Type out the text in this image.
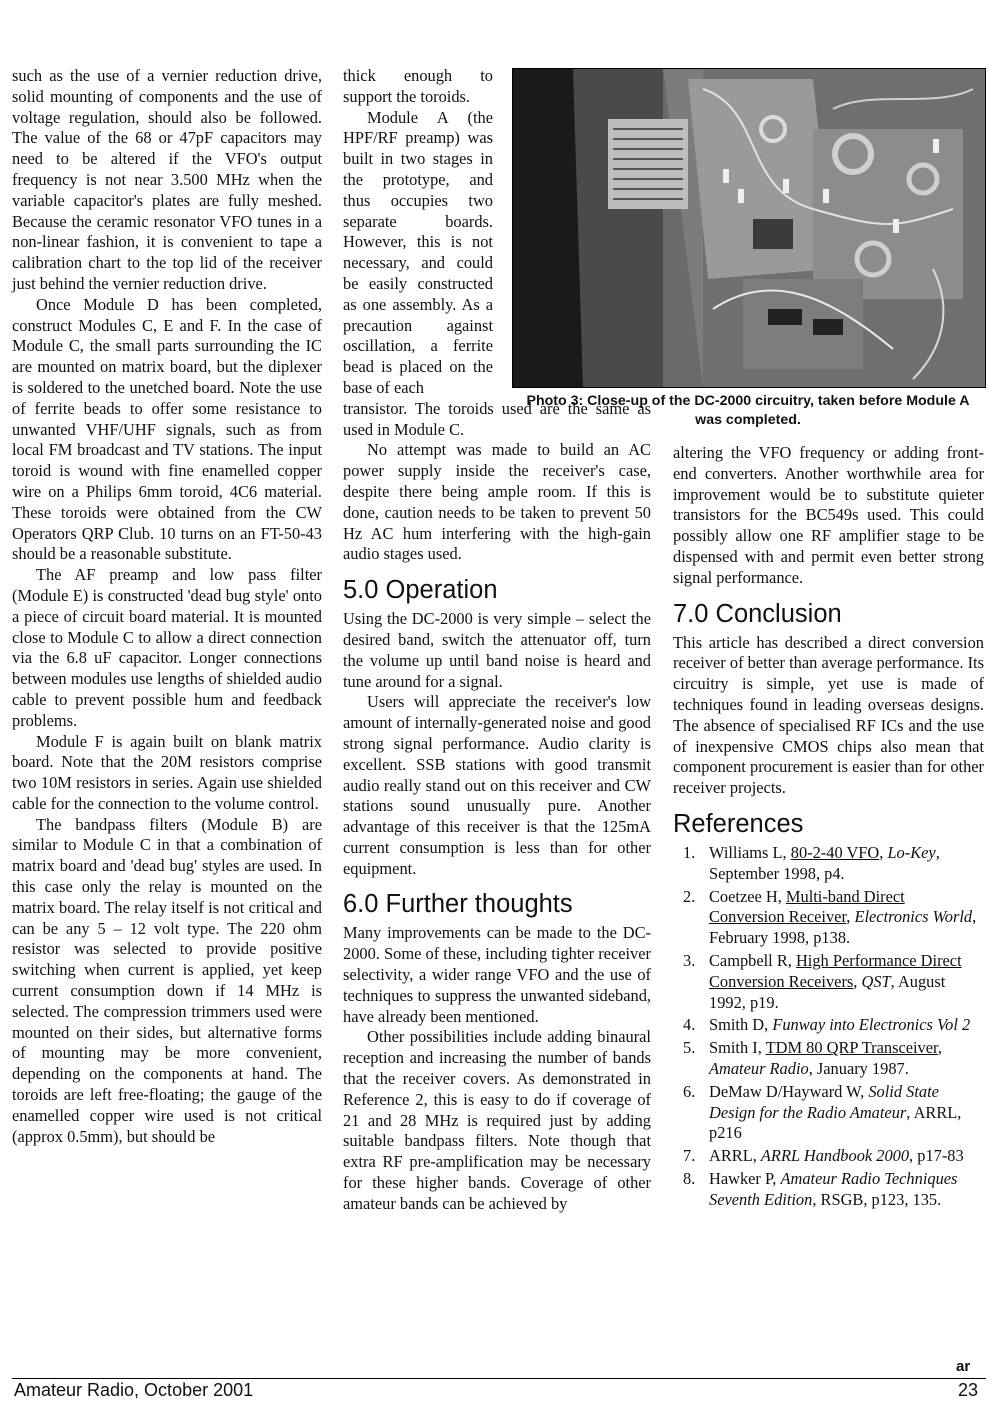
such as the use of a vernier reduction drive, solid mounting of components and the use of voltage regulation, should also be followed. The value of the 68 or 47pF capacitors may need to be altered if the VFO's output frequency is not near 3.500 MHz when the variable capacitor's plates are fully meshed. Because the ceramic resonator VFO tunes in a non-linear fashion, it is convenient to tape a calibration chart to the top lid of the receiver just behind the vernier reduction drive.

Once Module D has been completed, construct Modules C, E and F. In the case of Module C, the small parts surrounding the IC are mounted on matrix board, but the diplexer is soldered to the unetched board. Note the use of ferrite beads to offer some resistance to unwanted VHF/UHF signals, such as from local FM broadcast and TV stations. The input toroid is wound with fine enamelled copper wire on a Philips 6mm toroid, 4C6 material. These toroids were obtained from the CW Operators QRP Club. 10 turns on an FT-50-43 should be a reasonable substitute.

The AF preamp and low pass filter (Module E) is constructed 'dead bug style' onto a piece of circuit board material. It is mounted close to Module C to allow a direct connection via the 6.8 uF capacitor. Longer connections between modules use lengths of shielded audio cable to prevent possible hum and feedback problems.

Module F is again built on blank matrix board. Note that the 20M resistors comprise two 10M resistors in series. Again use shielded cable for the connection to the volume control.

The bandpass filters (Module B) are similar to Module C in that a combination of matrix board and 'dead bug' styles are used. In this case only the relay is mounted on the matrix board. The relay itself is not critical and can be any 5 – 12 volt type. The 220 ohm resistor was selected to provide positive switching when current is applied, yet keep current consumption down if 14 MHz is selected. The compression trimmers used were mounted on their sides, but alternative forms of mounting may be more convenient, depending on the components at hand. The toroids are left free-floating; the gauge of the enamelled copper wire used is not critical (approx 0.5mm), but should be

thick enough to support the toroids.

Module A (the HPF/RF preamp) was built in two stages in the prototype, and thus occupies two separate boards. However, this is not necessary, and could be easily constructed as one assembly. As a precaution against oscillation, a ferrite bead is placed on the base of each

transistor. The toroids used are the same as used in Module C.

No attempt was made to build an AC power supply inside the receiver's case, despite there being ample room. If this is done, caution needs to be taken to prevent 50 Hz AC hum interfering with the high-gain audio stages used.

5.0 Operation

Using the DC-2000 is very simple – select the desired band, switch the attenuator off, turn the volume up until band noise is heard and tune around for a signal.

Users will appreciate the receiver's low amount of internally-generated noise and good strong signal performance. Audio clarity is excellent. SSB stations with good transmit audio really stand out on this receiver and CW stations sound unusually pure. Another advantage of this receiver is that the 125mA current consumption is less than for other equipment.

6.0 Further thoughts

Many improvements can be made to the DC-2000. Some of these, including tighter receiver selectivity, a wider range VFO and the use of techniques to suppress the unwanted sideband, have already been mentioned.

Other possibilities include adding binaural reception and increasing the number of bands that the receiver covers. As demonstrated in Reference 2, this is easy to do if coverage of 21 and 28 MHz is required just by adding suitable bandpass filters. Note though that extra RF pre-amplification may be necessary for these higher bands. Coverage of other amateur bands can be achieved by

Photo 3: Close-up of the DC-2000 circuitry, taken before Module A was completed.

altering the VFO frequency or adding front-end converters. Another worthwhile area for improvement would be to substitute quieter transistors for the BC549s used. This could possibly allow one RF amplifier stage to be dispensed with and permit even better strong signal performance.

7.0 Conclusion

This article has described a direct conversion receiver of better than average performance. Its circuitry is simple, yet use is made of techniques found in leading overseas designs. The absence of specialised RF ICs and the use of inexpensive CMOS chips also mean that component procurement is easier than for other receiver projects.

References
1. Williams L, 80-2-40 VFO, Lo-Key, September 1998, p4.
2. Coetzee H, Multi-band Direct Conversion Receiver, Electronics World, February 1998, p138.
3. Campbell R, High Performance Direct Conversion Receivers, QST, August 1992, p19.
4. Smith D, Funway into Electronics Vol 2
5. Smith I, TDM 80 QRP Transceiver, Amateur Radio, January 1987.
6. DeMaw D/Hayward W, Solid State Design for the Radio Amateur, ARRL, p216
7. ARRL, ARRL Handbook 2000, p17-83
8. Hawker P, Amateur Radio Techniques Seventh Edition, RSGB, p123, 135.
ar
Amateur Radio, October 2001	23
